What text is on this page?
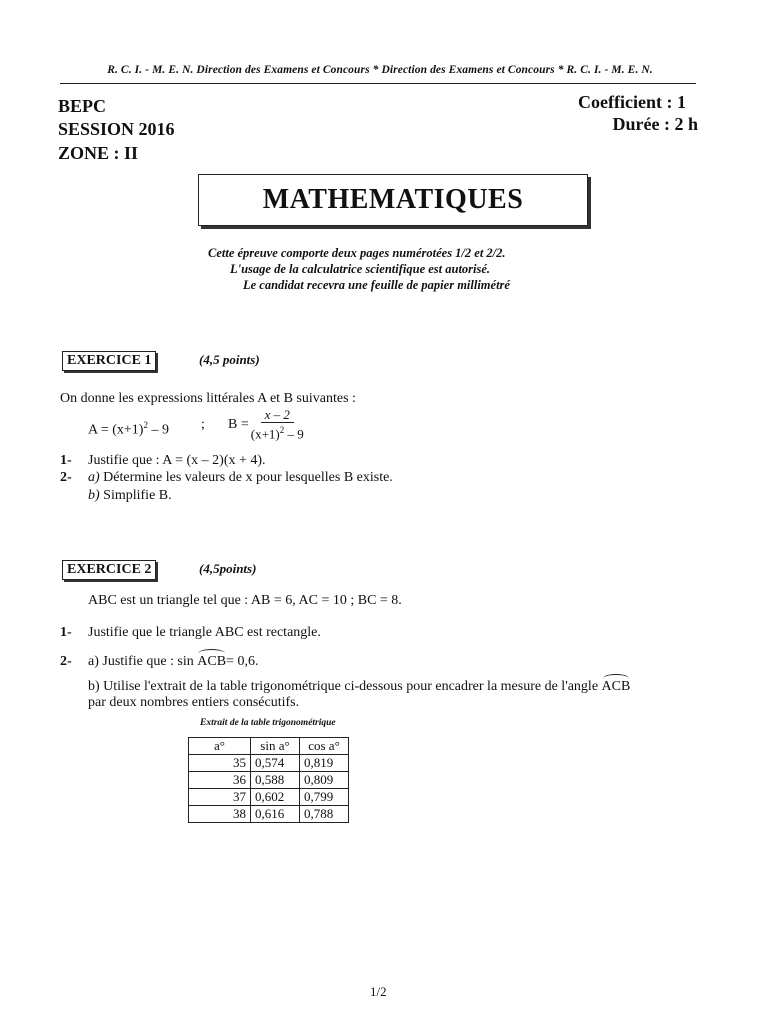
R. C. I. - M. E. N. Direction des Examens et Concours * Direction des Examens et Concours * R. C. I. - M. E. N.
BEPC
SESSION 2016
ZONE : II
Coefficient : 1
Durée : 2 h
MATHEMATIQUES
Cette épreuve comporte deux pages numérotées 1/2 et 2/2.
L'usage de la calculatrice scientifique est autorisé.
Le candidat recevra une feuille de papier millimétré
EXERCICE 1	(4,5 points)
On donne les expressions littérales A et B suivantes :
$A = (x+1)^2 - 9$ ; $B = \frac{x - 2}{(x+1)^2 - 9}$
1- Justifie que : A = (x – 2)(x + 4).
2- a) Détermine les valeurs de x pour lesquelles B existe.
b) Simplifie B.
EXERCICE 2	(4,5points)
ABC est un triangle tel que : AB = 6, AC = 10 ; BC = 8.
1- Justifie que le triangle ABC est rectangle.
2- a) Justifie que : sin ACB= 0,6.
b) Utilise l'extrait de la table trigonométrique ci-dessous pour encadrer la mesure de l'angle ACB
par deux nombres entiers consécutifs.
Extrait de la table trigonométrique
a°	sin a°	cos a°
35	0,574	0,819
36	0,588	0,809
37	0,602	0,799
38	0,616	0,788
1/2
